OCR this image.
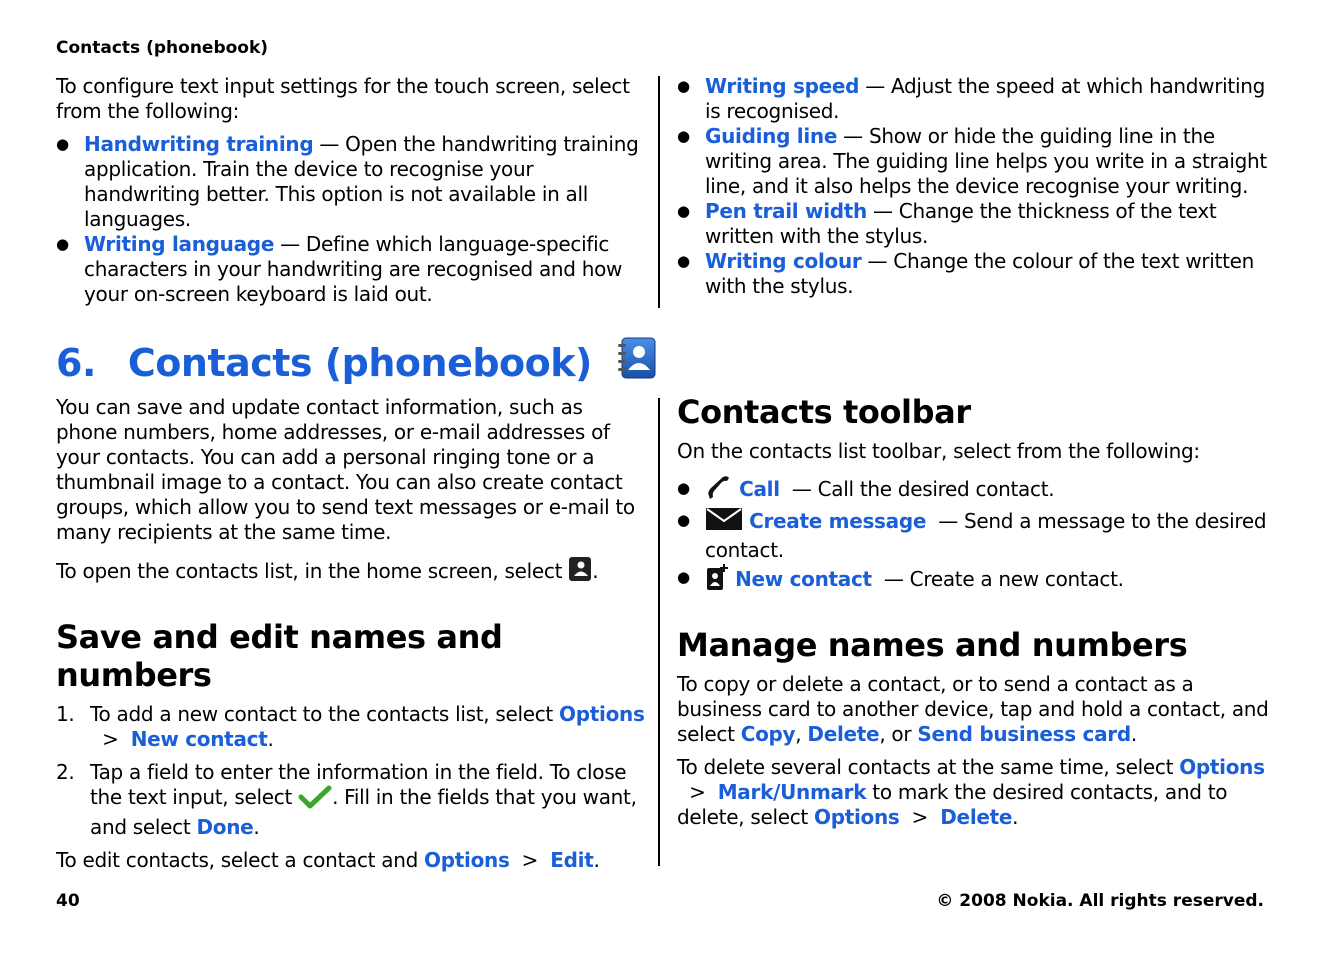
Contacts (phonebook)

To configure text input settings for the touch screen, select from the following:

● Handwriting training — Open the handwriting training application. Train the device to recognise your handwriting better. This option is not available in all languages.
● Writing language — Define which language-specific characters in your handwriting are recognised and how your on-screen keyboard is laid out.
● Writing speed — Adjust the speed at which handwriting is recognised.
● Guiding line — Show or hide the guiding line in the writing area. The guiding line helps you write in a straight line, and it also helps the device recognise your writing.
● Pen trail width — Change the thickness of the text written with the stylus.
● Writing colour — Change the colour of the text written with the stylus.
6. Contacts (phonebook)

You can save and update contact information, such as phone numbers, home addresses, or e-mail addresses of your contacts. You can add a personal ringing tone or a thumbnail image to a contact. You can also create contact groups, which allow you to send text messages or e-mail to many recipients at the same time.

To open the contacts list, in the home screen, select .

Save and edit names and numbers
1. To add a new contact to the contacts list, select Options  >  New contact.
2. Tap a field to enter the information in the field. To close the text input, select . Fill in the fields that you want, and select Done.

To edit contacts, select a contact and Options  >  Edit.

Contacts toolbar

On the contacts list toolbar, select from the following:

● Call  — Call the desired contact.
● Create message  — Send a message to the desired contact.
● New contact  — Create a new contact.
Manage names and numbers

To copy or delete a contact, or to send a contact as a business card to another device, tap and hold a contact, and select Copy, Delete, or Send business card.

To delete several contacts at the same time, select Options  >  Mark/Unmark to mark the desired contacts, and to delete, select Options  >  Delete.

40	© 2008 Nokia. All rights reserved.
